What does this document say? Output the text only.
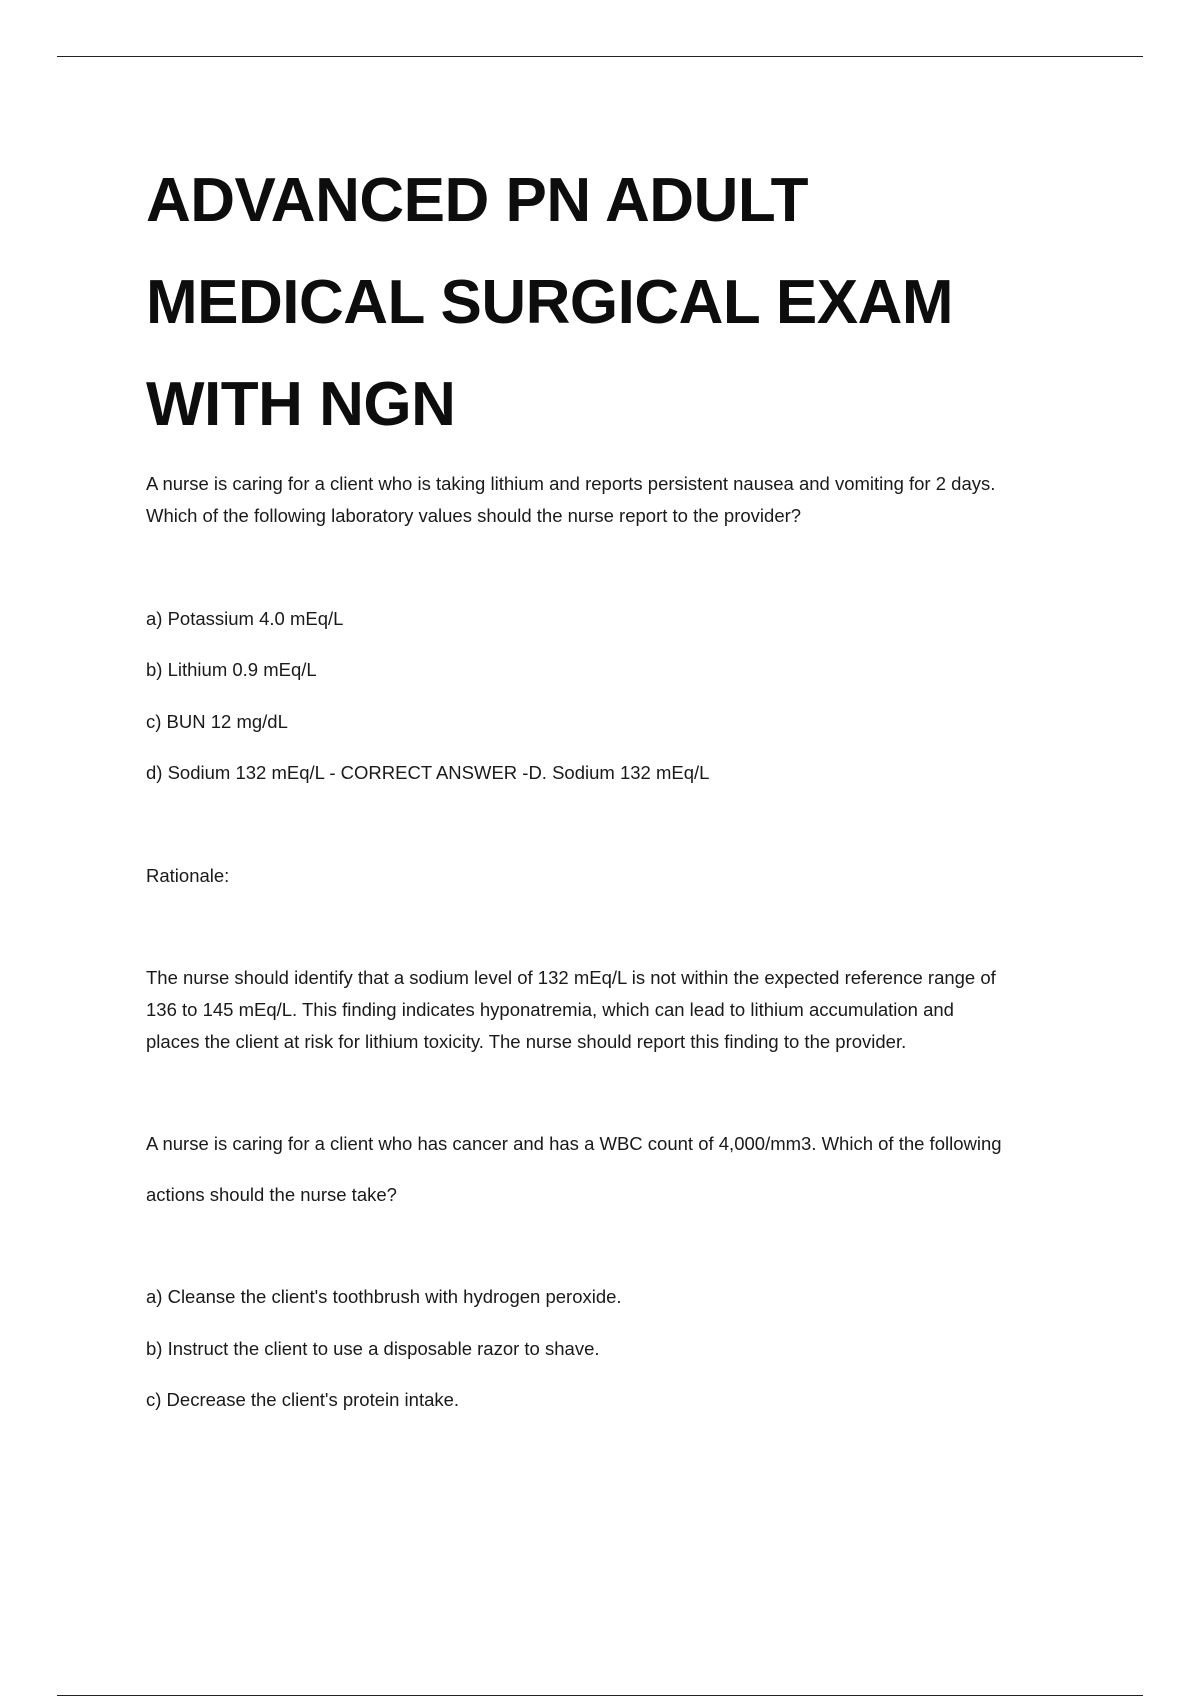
ADVANCED PN ADULT
MEDICAL SURGICAL EXAM
WITH NGN

A nurse is caring for a client who is taking lithium and reports persistent nausea and vomiting for 2 days.
Which of the following laboratory values should the nurse report to the provider?

a) Potassium 4.0 mEq/L

b) Lithium 0.9 mEq/L

c) BUN 12 mg/dL

d) Sodium 132 mEq/L - CORRECT ANSWER -D. Sodium 132 mEq/L

Rationale:

The nurse should identify that a sodium level of 132 mEq/L is not within the expected reference range of
136 to 145 mEq/L. This finding indicates hyponatremia, which can lead to lithium accumulation and
places the client at risk for lithium toxicity. The nurse should report this finding to the provider.

A nurse is caring for a client who has cancer and has a WBC count of 4,000/mm3. Which of the following

actions should the nurse take?

a) Cleanse the client's toothbrush with hydrogen peroxide.

b) Instruct the client to use a disposable razor to shave.

c) Decrease the client's protein intake.
